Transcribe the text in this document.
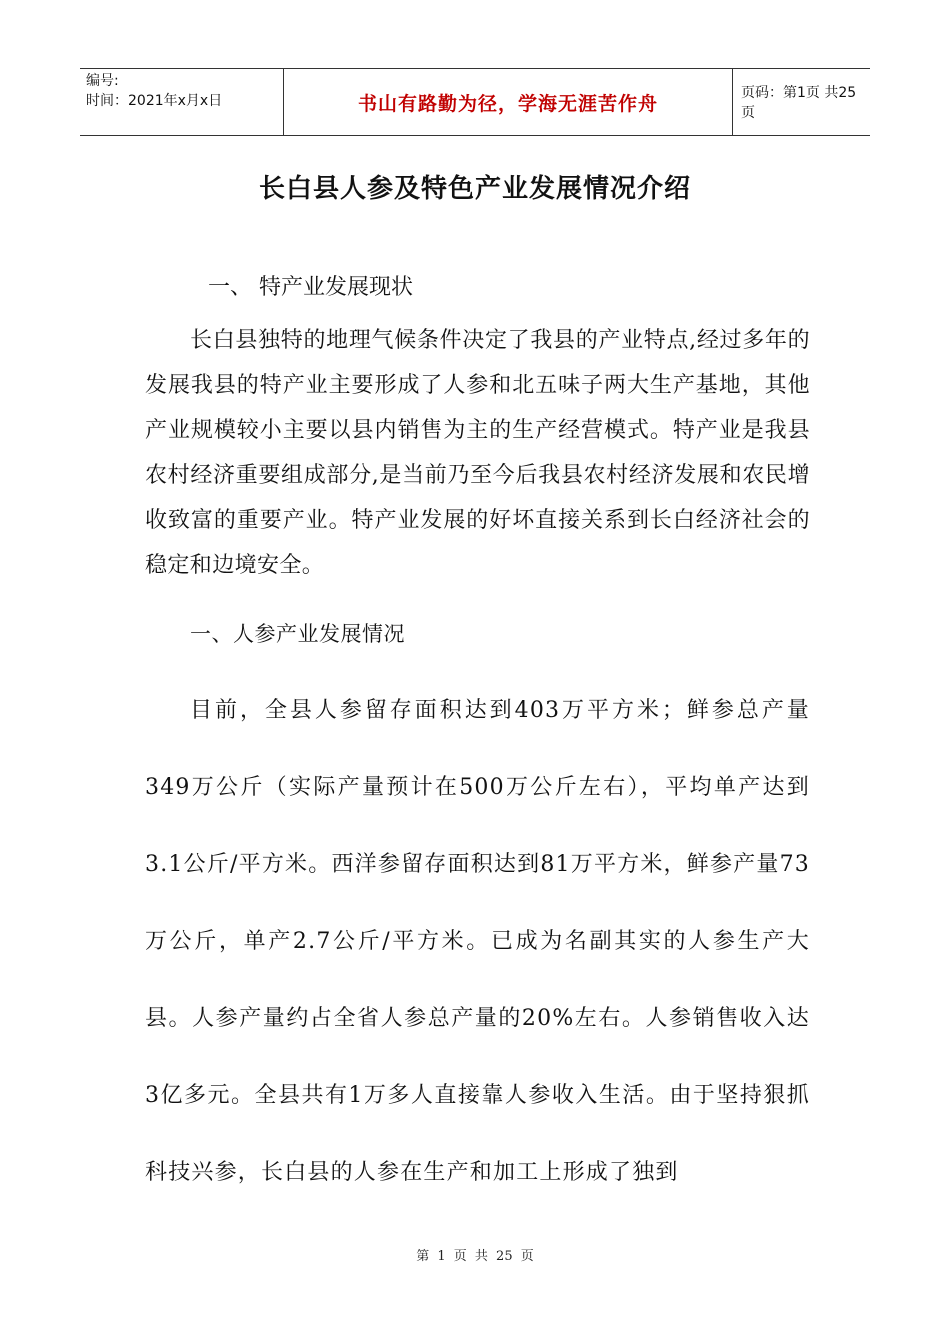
编号:
时间：2021年x月x日	书山有路勤为径，学海无涯苦作舟	页码：第1页 共25页
长白县人参及特色产业发展情况介绍

一、 特产业发展现状

长白县独特的地理气候条件决定了我县的产业特点,经过多年的发展我县的特产业主要形成了人参和北五味子两大生产基地，其他产业规模较小主要以县内销售为主的生产经营模式。特产业是我县农村经济重要组成部分,是当前乃至今后我县农村经济发展和农民增收致富的重要产业。特产业发展的好坏直接关系到长白经济社会的稳定和边境安全。

一、人参产业发展情况

目前，全县人参留存面积达到403万平方米；鲜参总产量349万公斤（实际产量预计在500万公斤左右），平均单产达到3.1公斤/平方米。西洋参留存面积达到81万平方米，鲜参产量73万公斤，单产2.7公斤/平方米。已成为名副其实的人参生产大县。人参产量约占全省人参总产量的20%左右。人参销售收入达3亿多元。全县共有1万多人直接靠人参收入生活。由于坚持狠抓科技兴参，长白县的人参在生产和加工上形成了独到

第 1 页 共 25 页
